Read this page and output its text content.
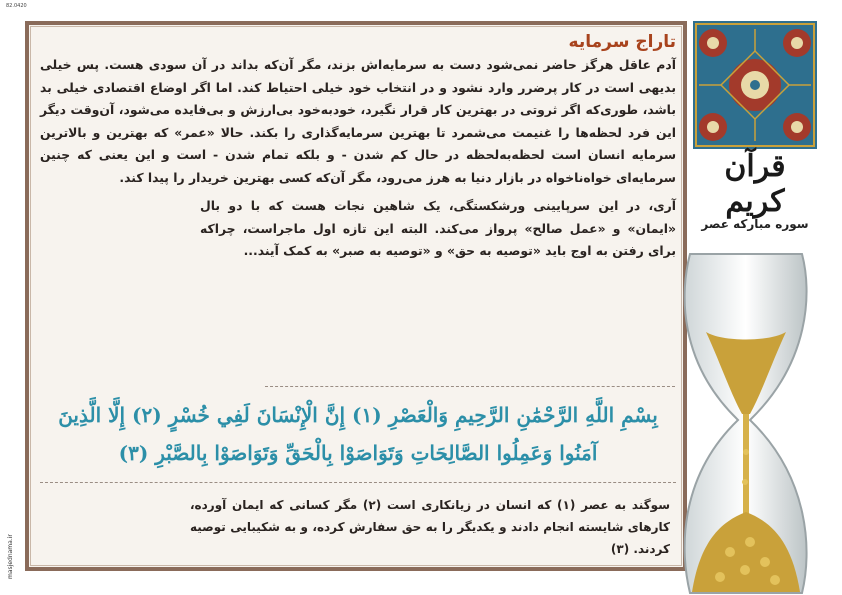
82.0420
masjednama.ir

تاراج سرمایه

آدم عاقل هرگز حاضر نمی‌شود دست به سرمایه‌اش بزند، مگر آن‌که بداند در آن سودی هست. پس خیلی بدیهی است در کار پرضرر وارد نشود و در انتخاب خود خیلی احتیاط کند. اما اگر اوضاع اقتصادی خیلی بد باشد، طوری‌که اگر ثروتی در بهترین کار قرار نگیرد، خودبه‌خود بی‌ارزش و بی‌فایده می‌شود، آن‌وقت دیگر این فرد لحظه‌ها را غنیمت می‌شمرد تا بهترین سرمایه‌گذاری را بکند. حالا «عمر» که بهترین و بالاترین سرمایه انسان است لحظه‌به‌لحظه در حال کم شدن - و بلکه تمام شدن - است و این یعنی که چنین سرمایه‌ای خواه‌ناخواه در بازار دنیا به هرز می‌رود، مگر آن‌که کسی بهترین خریدار را پیدا کند.

آری، در این سرپایینی ورشکستگی، یک شاهین نجات هست که با دو بال «ایمان» و «عمل صالح» پرواز می‌کند. البته این تازه اول ماجراست، چراکه برای رفتن به اوج باید «توصیه به حق» و «توصیه به صبر» به کمک آیند...

بِسْمِ اللَّهِ الرَّحْمَٰنِ الرَّحِيمِ وَالْعَصْرِ (۱) إِنَّ الْإِنْسَانَ لَفِي خُسْرٍ (۲) إِلَّا الَّذِينَ آمَنُوا وَعَمِلُوا الصَّالِحَاتِ وَتَوَاصَوْا بِالْحَقِّ وَتَوَاصَوْا بِالصَّبْرِ (۳)
سوگند به عصر (۱) که انسان در زیانکاری است (۲) مگر کسانی که ایمان آورده، کارهای شایسته انجام دادند و یکدیگر را به حق سفارش کرده، و به شکیبایی توصیه کردند. (۳)
قرآن کریم
سوره مبارکه عصر
